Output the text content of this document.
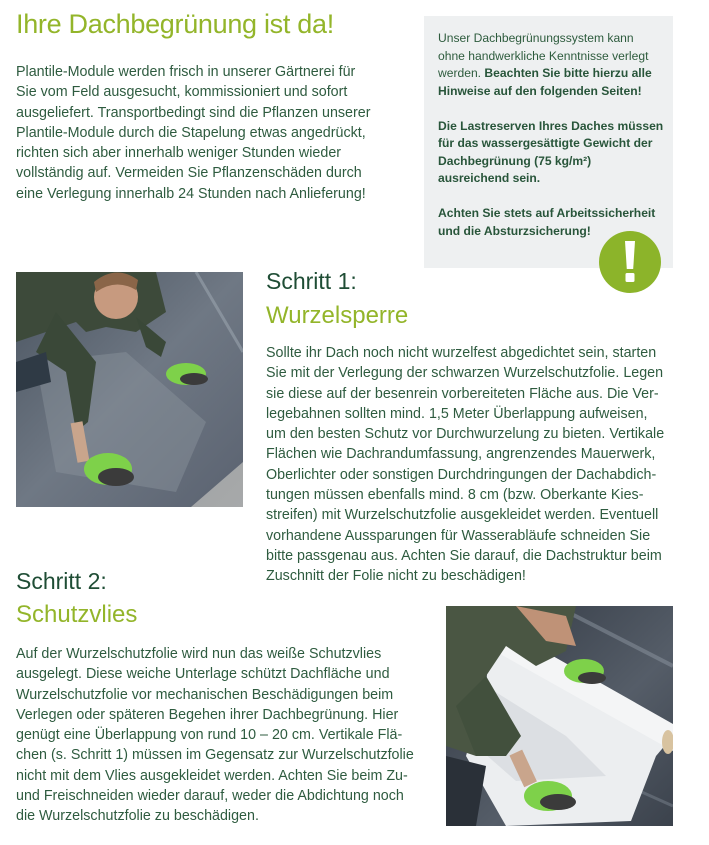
Ihre Dachbegrünung ist da!

Plantile-Module werden frisch in unserer Gärtnerei für
Sie vom Feld ausgesucht, kommissioniert und sofort
ausgeliefert. Transportbedingt sind die Pflanzen unserer
Plantile-Module durch die Stapelung etwas angedrückt,
richten sich aber innerhalb weniger Stunden wieder
vollständig auf. Vermeiden Sie Pflanzenschäden durch
eine Verlegung innerhalb 24 Stunden nach Anlieferung!

Unser Dachbegrünungssystem kann
ohne handwerkliche Kenntnisse verlegt
werden. Beachten Sie bitte hierzu alle
Hinweise auf den folgenden Seiten!
Die Lastreserven Ihres Daches müssen
für das wassergesättigte Gewicht der
Dachbegrünung (75 kg/m²)
ausreichend sein.
Achten Sie stets auf Arbeitssicherheit
und die Absturzsicherung!
Schritt 1:
Wurzelsperre

Sollte ihr Dach noch nicht wurzelfest abgedichtet sein, starten
Sie mit der Verlegung der schwarzen Wurzelschutzfolie. Legen
sie diese auf der besenrein vorbereiteten Fläche aus. Die Ver-
legebahnen sollten mind. 1,5 Meter Überlappung aufweisen,
um den besten Schutz vor Durchwurzelung zu bieten. Vertikale
Flächen wie Dachrandumfassung, angrenzendes Mauerwerk,
Oberlichter oder sonstigen Durchdringungen der Dachabdich-
tungen müssen ebenfalls mind. 8 cm (bzw. Oberkante Kies-
streifen) mit Wurzelschutzfolie ausgekleidet werden. Eventuell
vorhandene Aussparungen für Wasserabläufe schneiden Sie
bitte passgenau aus. Achten Sie darauf, die Dachstruktur beim
Zuschnitt der Folie nicht zu beschädigen!

Schritt 2:
Schutzvlies

Auf der Wurzelschutzfolie wird nun das weiße Schutzvlies
ausgelegt. Diese weiche Unterlage schützt Dachfläche und
Wurzelschutzfolie vor mechanischen Beschädigungen beim
Verlegen oder späteren Begehen ihrer Dachbegrünung. Hier
genügt eine Überlappung von rund 10 – 20 cm. Vertikale Flä-
chen (s. Schritt 1) müssen im Gegensatz zur Wurzelschutzfolie
nicht mit dem Vlies ausgekleidet werden. Achten Sie beim Zu-
und Freischneiden wieder darauf, weder die Abdichtung noch
die Wurzelschutzfolie zu beschädigen.
